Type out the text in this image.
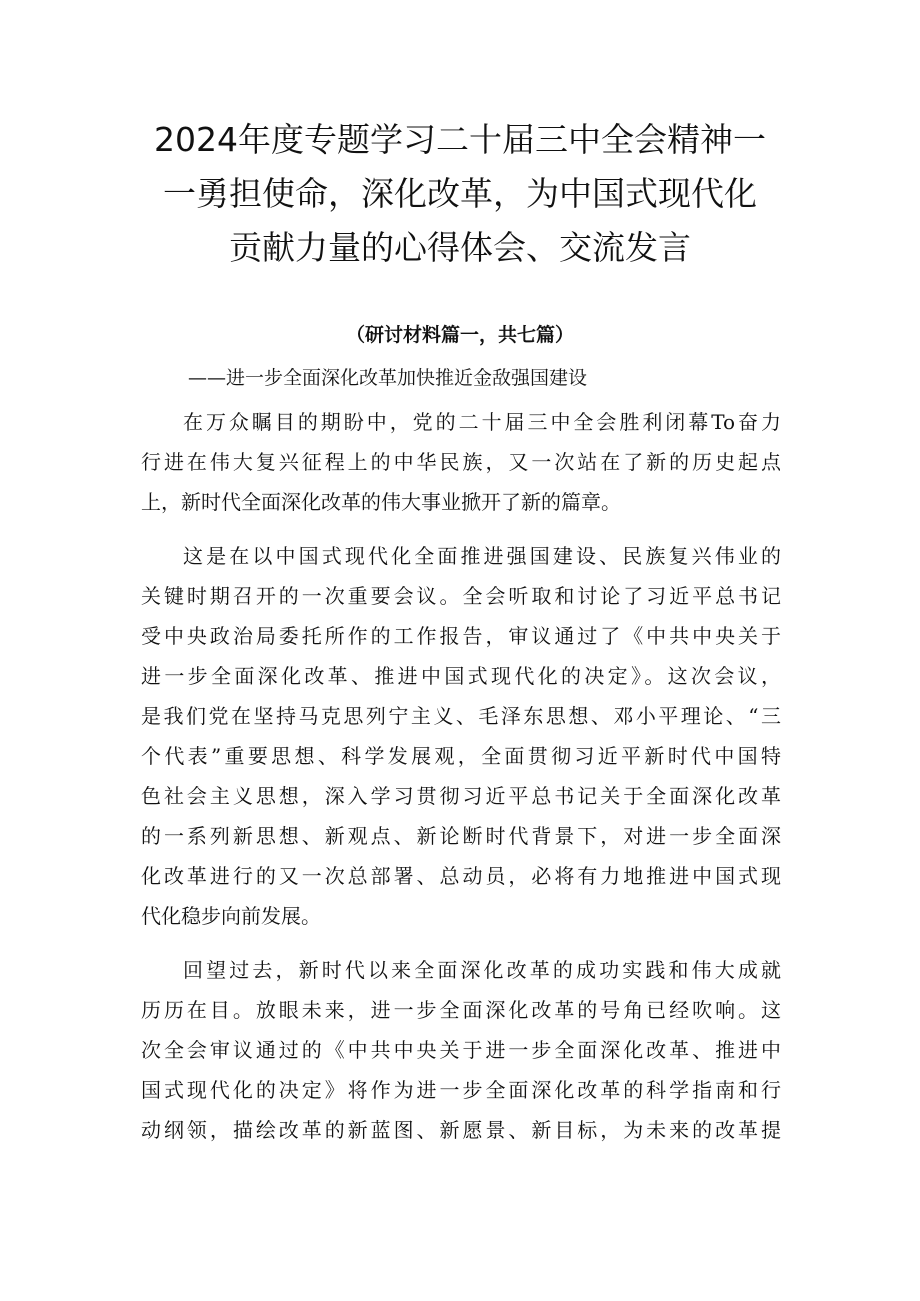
2024年度专题学习二十届三中全会精神一
一勇担使命，深化改革，为中国式现代化
贡献力量的心得体会、交流发言
（研讨材料篇一，共七篇）
——进一步全面深化改革加快推近金敌强国建设
在万众瞩目的期盼中，党的二十届三中全会胜利闭幕To奋力
行进在伟大复兴征程上的中华民族，又一次站在了新的历史起点
上，新时代全面深化改革的伟大事业掀开了新的篇章。
这是在以中国式现代化全面推进强国建设、民族复兴伟业的
关键时期召开的一次重要会议。全会听取和讨论了习近平总书记
受中央政治局委托所作的工作报告，审议通过了《中共中央关于
进一步全面深化改革、推进中国式现代化的决定》。这次会议，
是我们党在坚持马克思列宁主义、毛泽东思想、邓小平理论、“三
个代表”重要思想、科学发展观，全面贯彻习近平新时代中国特
色社会主义思想，深入学习贯彻习近平总书记关于全面深化改革
的一系列新思想、新观点、新论断时代背景下，对进一步全面深
化改革进行的又一次总部署、总动员，必将有力地推进中国式现
代化稳步向前发展。
回望过去，新时代以来全面深化改革的成功实践和伟大成就
历历在目。放眼未来，进一步全面深化改革的号角已经吹响。这
次全会审议通过的《中共中央关于进一步全面深化改革、推进中
国式现代化的决定》将作为进一步全面深化改革的科学指南和行
动纲领，描绘改革的新蓝图、新愿景、新目标，为未来的改革提
